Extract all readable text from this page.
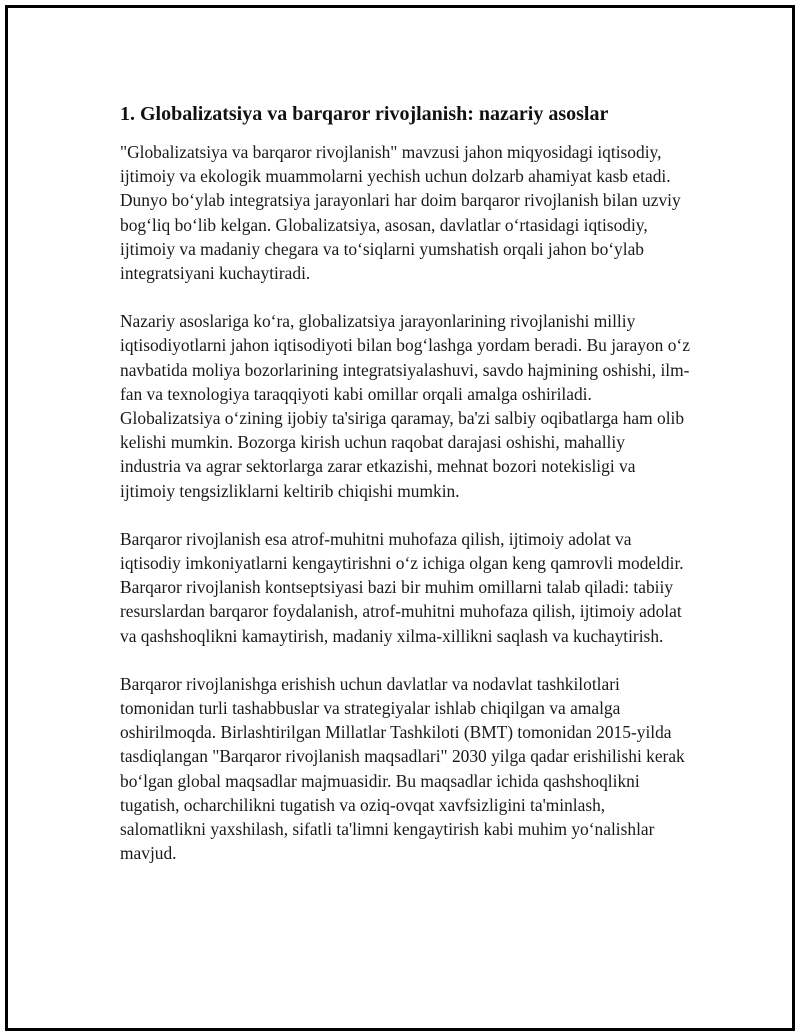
1. Globalizatsiya va barqaror rivojlanish: nazariy asoslar

"Globalizatsiya va barqaror rivojlanish" mavzusi jahon miqyosidagi iqtisodiy, ijtimoiy va ekologik muammolarni yechish uchun dolzarb ahamiyat kasb etadi. Dunyo bo‘ylab integratsiya jarayonlari har doim barqaror rivojlanish bilan uzviy bog‘liq bo‘lib kelgan. Globalizatsiya, asosan, davlatlar o‘rtasidagi iqtisodiy, ijtimoiy va madaniy chegara va to‘siqlarni yumshatish orqali jahon bo‘ylab integratsiyani kuchaytiradi.

Nazariy asoslariga ko‘ra, globalizatsiya jarayonlarining rivojlanishi milliy iqtisodiyotlarni jahon iqtisodiyoti bilan bog‘lashga yordam beradi. Bu jarayon o‘z navbatida moliya bozorlarining integratsiyalashuvi, savdo hajmining oshishi, ilm-fan va texnologiya taraqqiyoti kabi omillar orqali amalga oshiriladi. Globalizatsiya o‘zining ijobiy ta'siriga qaramay, ba'zi salbiy oqibatlarga ham olib kelishi mumkin. Bozorga kirish uchun raqobat darajasi oshishi, mahalliy industria va agrar sektorlarga zarar etkazishi, mehnat bozori notekisligi va ijtimoiy tengsizliklarni keltirib chiqishi mumkin.

Barqaror rivojlanish esa atrof-muhitni muhofaza qilish, ijtimoiy adolat va iqtisodiy imkoniyatlarni kengaytirishni o‘z ichiga olgan keng qamrovli modeldir. Barqaror rivojlanish kontseptsiyasi bazi bir muhim omillarni talab qiladi: tabiiy resurslardan barqaror foydalanish, atrof-muhitni muhofaza qilish, ijtimoiy adolat va qashshoqlikni kamaytirish, madaniy xilma-xillikni saqlash va kuchaytirish.

Barqaror rivojlanishga erishish uchun davlatlar va nodavlat tashkilotlari tomonidan turli tashabbuslar va strategiyalar ishlab chiqilgan va amalga oshirilmoqda. Birlashtirilgan Millatlar Tashkiloti (BMT) tomonidan 2015-yilda tasdiqlangan "Barqaror rivojlanish maqsadlari" 2030 yilga qadar erishilishi kerak bo‘lgan global maqsadlar majmuasidir. Bu maqsadlar ichida qashshoqlikni tugatish, ocharchilikni tugatish va oziq-ovqat xavfsizligini ta'minlash, salomatlikni yaxshilash, sifatli ta'limni kengaytirish kabi muhim yo‘nalishlar mavjud.
